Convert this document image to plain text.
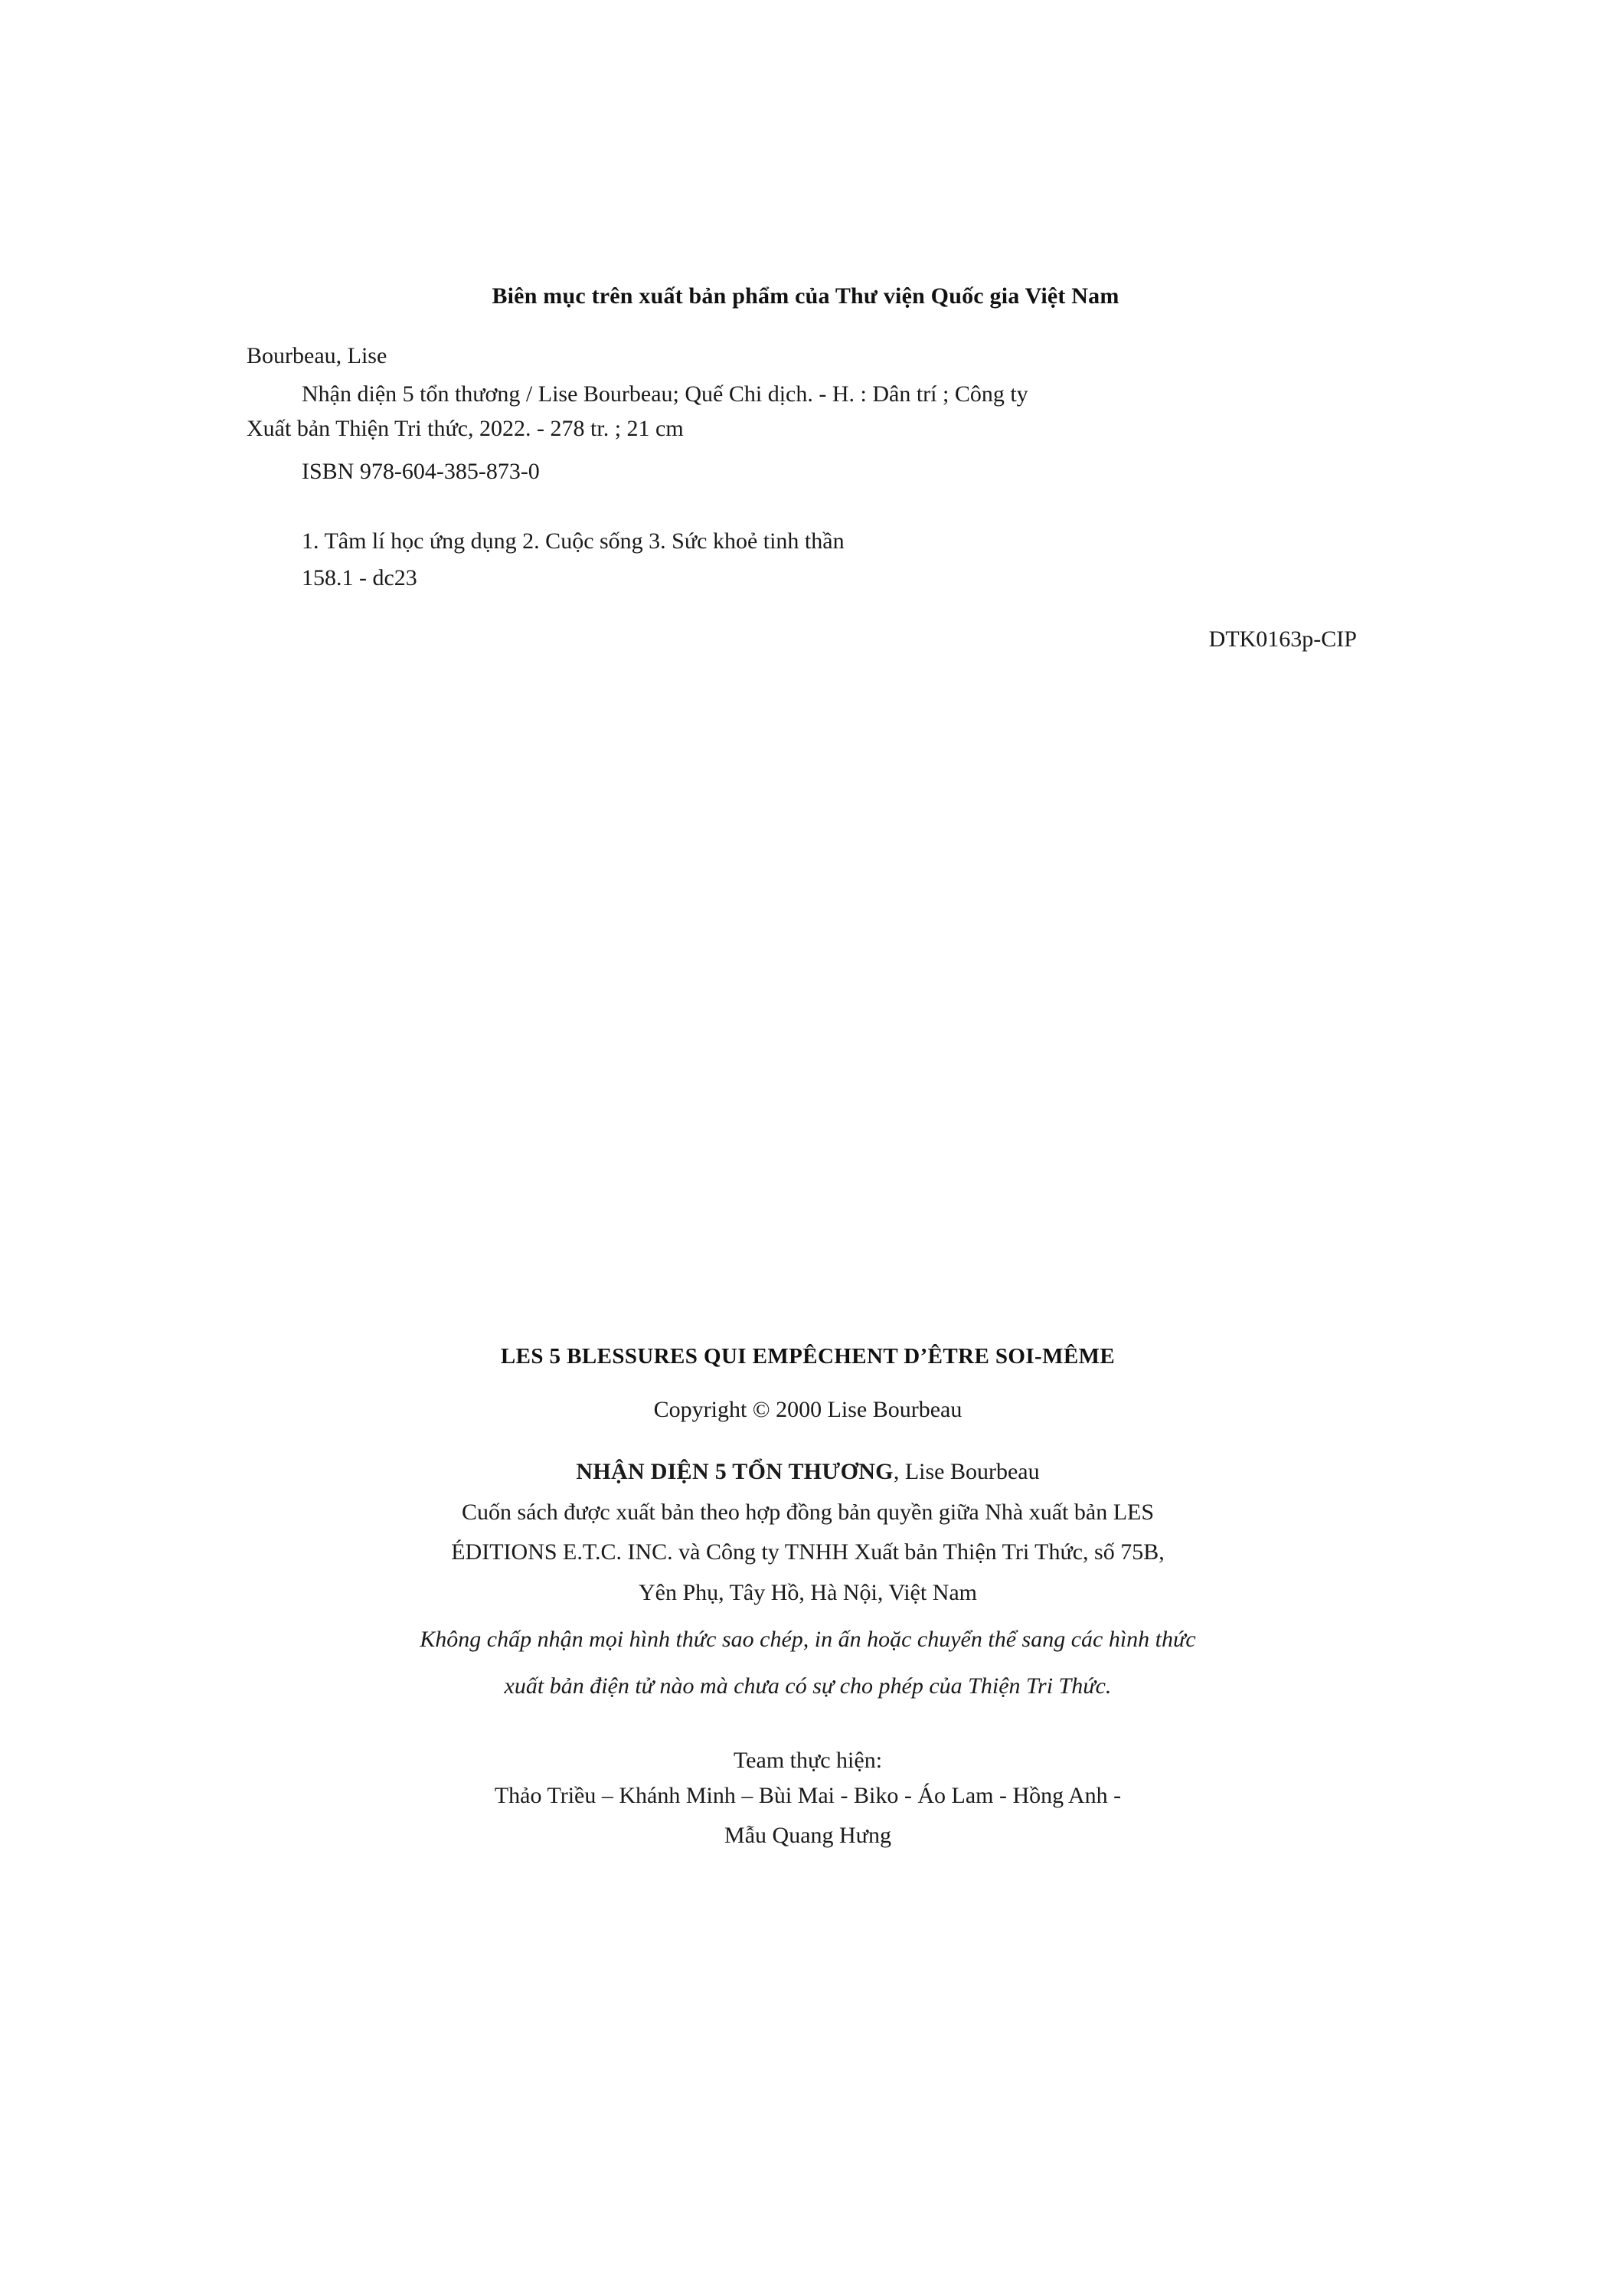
Biên mục trên xuất bản phẩm của Thư viện Quốc gia Việt Nam

Bourbeau, Lise

Nhận diện 5 tổn thương / Lise Bourbeau; Quế Chi dịch. - H. : Dân trí ; Công ty

Xuất bản Thiện Tri thức, 2022. - 278 tr. ; 21 cm

ISBN 978-604-385-873-0

1. Tâm lí học ứng dụng 2. Cuộc sống 3. Sức khoẻ tinh thần

158.1 - dc23

DTK0163p-CIP

LES 5 BLESSURES QUI EMPÊCHENT D’ÊTRE SOI-MÊME

Copyright © 2000 Lise Bourbeau

NHẬN DIỆN 5 TỔN THƯƠNG, Lise Bourbeau

Cuốn sách được xuất bản theo hợp đồng bản quyền giữa Nhà xuất bản LES

ÉDITIONS E.T.C. INC. và Công ty TNHH Xuất bản Thiện Tri Thức, số 75B,

Yên Phụ, Tây Hồ, Hà Nội, Việt Nam

Không chấp nhận mọi hình thức sao chép, in ấn hoặc chuyển thể sang các hình thức

xuất bản điện tử nào mà chưa có sự cho phép của Thiện Tri Thức.

Team thực hiện:

Thảo Triều – Khánh Minh – Bùi Mai - Biko - Áo Lam - Hồng Anh -

Mẫu Quang Hưng
